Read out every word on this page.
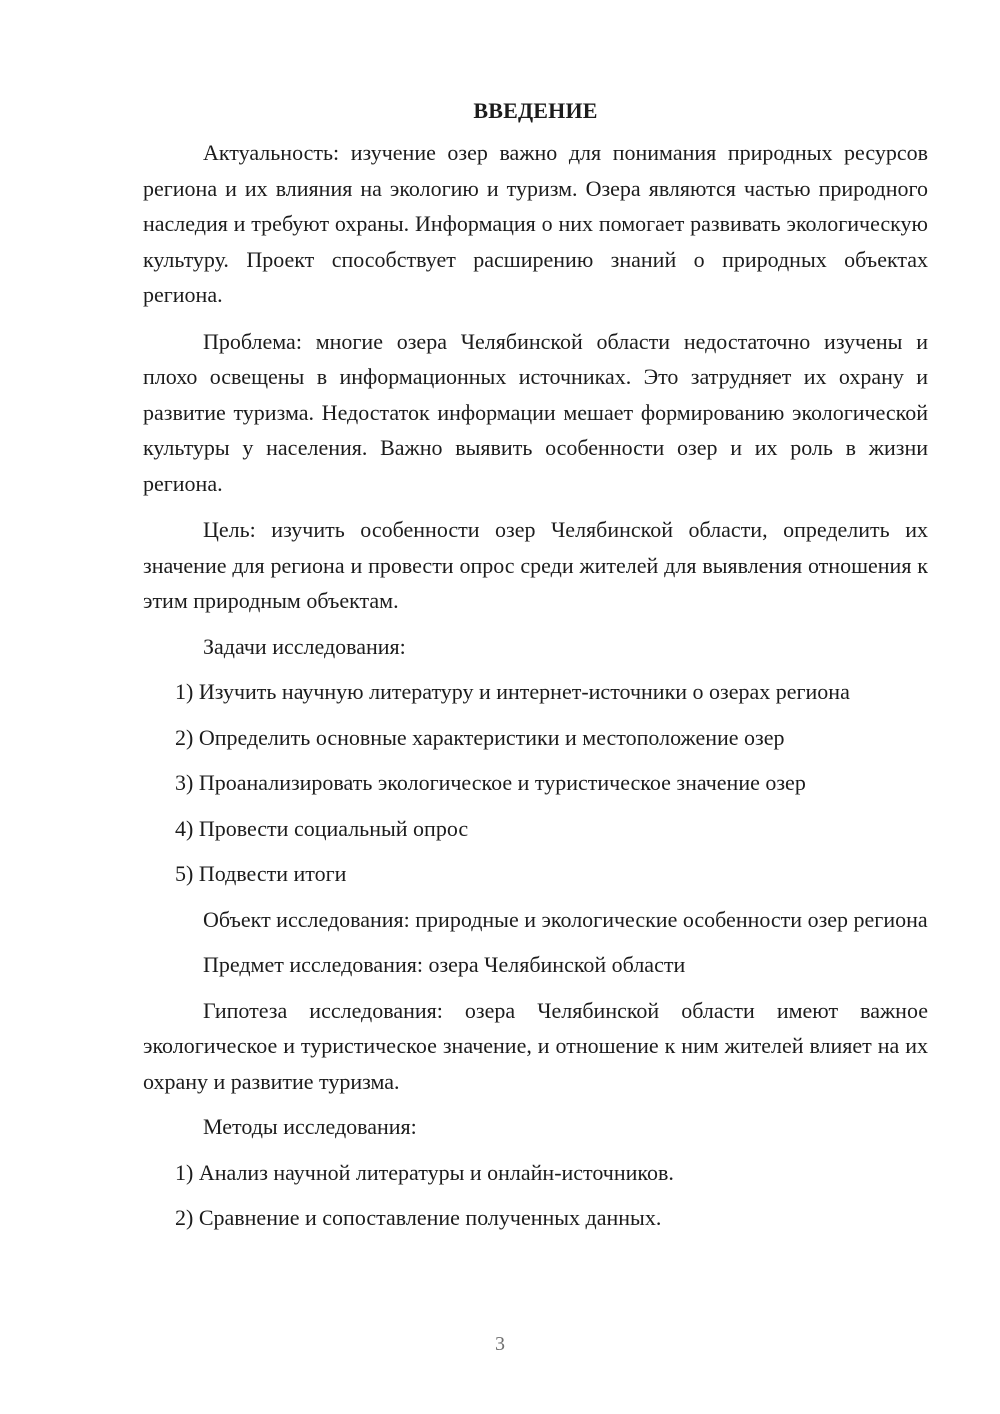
ВВЕДЕНИЕ

Актуальность: изучение озер важно для понимания природных ресурсов региона и их влияния на экологию и туризм. Озера являются частью природного наследия и требуют охраны. Информация о них помогает развивать экологическую культуру. Проект способствует расширению знаний о природных объектах региона.

Проблема: многие озера Челябинской области недостаточно изучены и плохо освещены в информационных источниках. Это затрудняет их охрану и развитие туризма. Недостаток информации мешает формированию экологической культуры у населения. Важно выявить особенности озер и их роль в жизни региона.

Цель: изучить особенности озер Челябинской области, определить их значение для региона и провести опрос среди жителей для выявления отношения к этим природным объектам.

Задачи исследования:

1) Изучить научную литературу и интернет-источники о озерах региона

2) Определить основные характеристики и местоположение озер

3) Проанализировать экологическое и туристическое значение озер

4) Провести социальный опрос

5) Подвести итоги

Объект исследования: природные и экологические особенности озер региона

Предмет исследования: озера Челябинской области

Гипотеза исследования: озера Челябинской области имеют важное экологическое и туристическое значение, и отношение к ним жителей влияет на их охрану и развитие туризма.

Методы исследования:

1) Анализ научной литературы и онлайн-источников.

2) Сравнение и сопоставление полученных данных.

3
